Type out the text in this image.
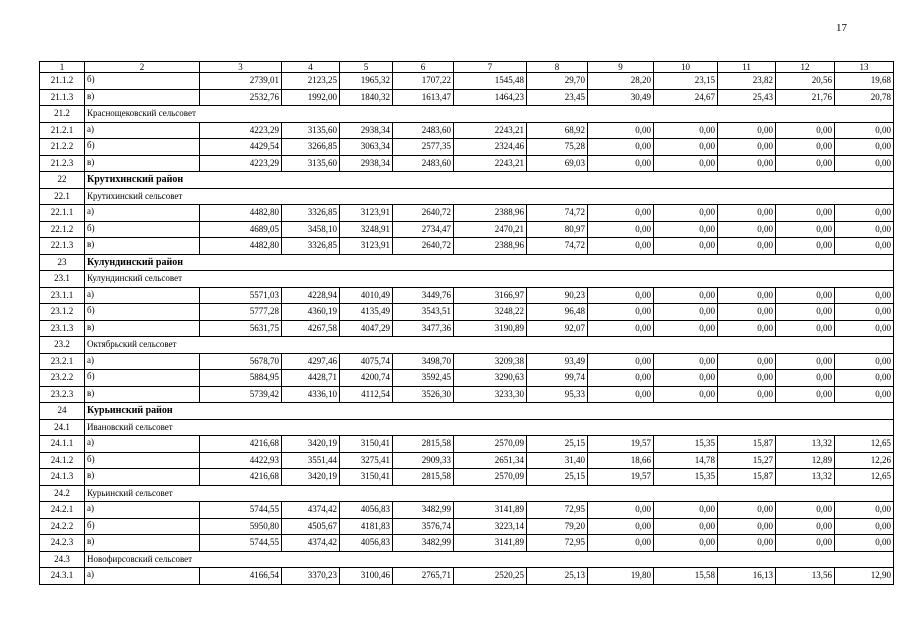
17
1	2	3	4	5	6	7	8	9	10	11	12	13
21.1.2	б)	2739,01	2123,25	1965,32	1707,22	1545,48	29,70	28,20	23,15	23,82	20,56	19,68
21.1.3	в)	2532,76	1992,00	1840,32	1613,47	1464,23	23,45	30,49	24,67	25,43	21,76	20,78
21.2	Краснощековский сельсовет											
21.2.1	а)	4223,29	3135,60	2938,34	2483,60	2243,21	68,92	0,00	0,00	0,00	0,00	0,00
21.2.2	б)	4429,54	3266,85	3063,34	2577,35	2324,46	75,28	0,00	0,00	0,00	0,00	0,00
21.2.3	в)	4223,29	3135,60	2938,34	2483,60	2243,21	69,03	0,00	0,00	0,00	0,00	0,00
22	Крутихинский район											
22.1	Крутихинский сельсовет											
22.1.1	а)	4482,80	3326,85	3123,91	2640,72	2388,96	74,72	0,00	0,00	0,00	0,00	0,00
22.1.2	б)	4689,05	3458,10	3248,91	2734,47	2470,21	80,97	0,00	0,00	0,00	0,00	0,00
22.1.3	в)	4482,80	3326,85	3123,91	2640,72	2388,96	74,72	0,00	0,00	0,00	0,00	0,00
23	Кулундинский район											
23.1	Кулундинский сельсовет											
23.1.1	а)	5571,03	4228,94	4010,49	3449,76	3166,97	90,23	0,00	0,00	0,00	0,00	0,00
23.1.2	б)	5777,28	4360,19	4135,49	3543,51	3248,22	96,48	0,00	0,00	0,00	0,00	0,00
23.1.3	в)	5631,75	4267,58	4047,29	3477,36	3190,89	92,07	0,00	0,00	0,00	0,00	0,00
23.2	Октябрьский сельсовет											
23.2.1	а)	5678,70	4297,46	4075,74	3498,70	3209,38	93,49	0,00	0,00	0,00	0,00	0,00
23.2.2	б)	5884,95	4428,71	4200,74	3592,45	3290,63	99,74	0,00	0,00	0,00	0,00	0,00
23.2.3	в)	5739,42	4336,10	4112,54	3526,30	3233,30	95,33	0,00	0,00	0,00	0,00	0,00
24	Курьинский район											
24.1	Ивановский сельсовет											
24.1.1	а)	4216,68	3420,19	3150,41	2815,58	2570,09	25,15	19,57	15,35	15,87	13,32	12,65
24.1.2	б)	4422,93	3551,44	3275,41	2909,33	2651,34	31,40	18,66	14,78	15,27	12,89	12,26
24.1.3	в)	4216,68	3420,19	3150,41	2815,58	2570,09	25,15	19,57	15,35	15,87	13,32	12,65
24.2	Курьинский сельсовет											
24.2.1	а)	5744,55	4374,42	4056,83	3482,99	3141,89	72,95	0,00	0,00	0,00	0,00	0,00
24.2.2	б)	5950,80	4505,67	4181,83	3576,74	3223,14	79,20	0,00	0,00	0,00	0,00	0,00
24.2.3	в)	5744,55	4374,42	4056,83	3482,99	3141,89	72,95	0,00	0,00	0,00	0,00	0,00
24.3	Новофирсовский сельсовет											
24.3.1	а)	4166,54	3370,23	3100,46	2765,71	2520,25	25,13	19,80	15,58	16,13	13,56	12,90
